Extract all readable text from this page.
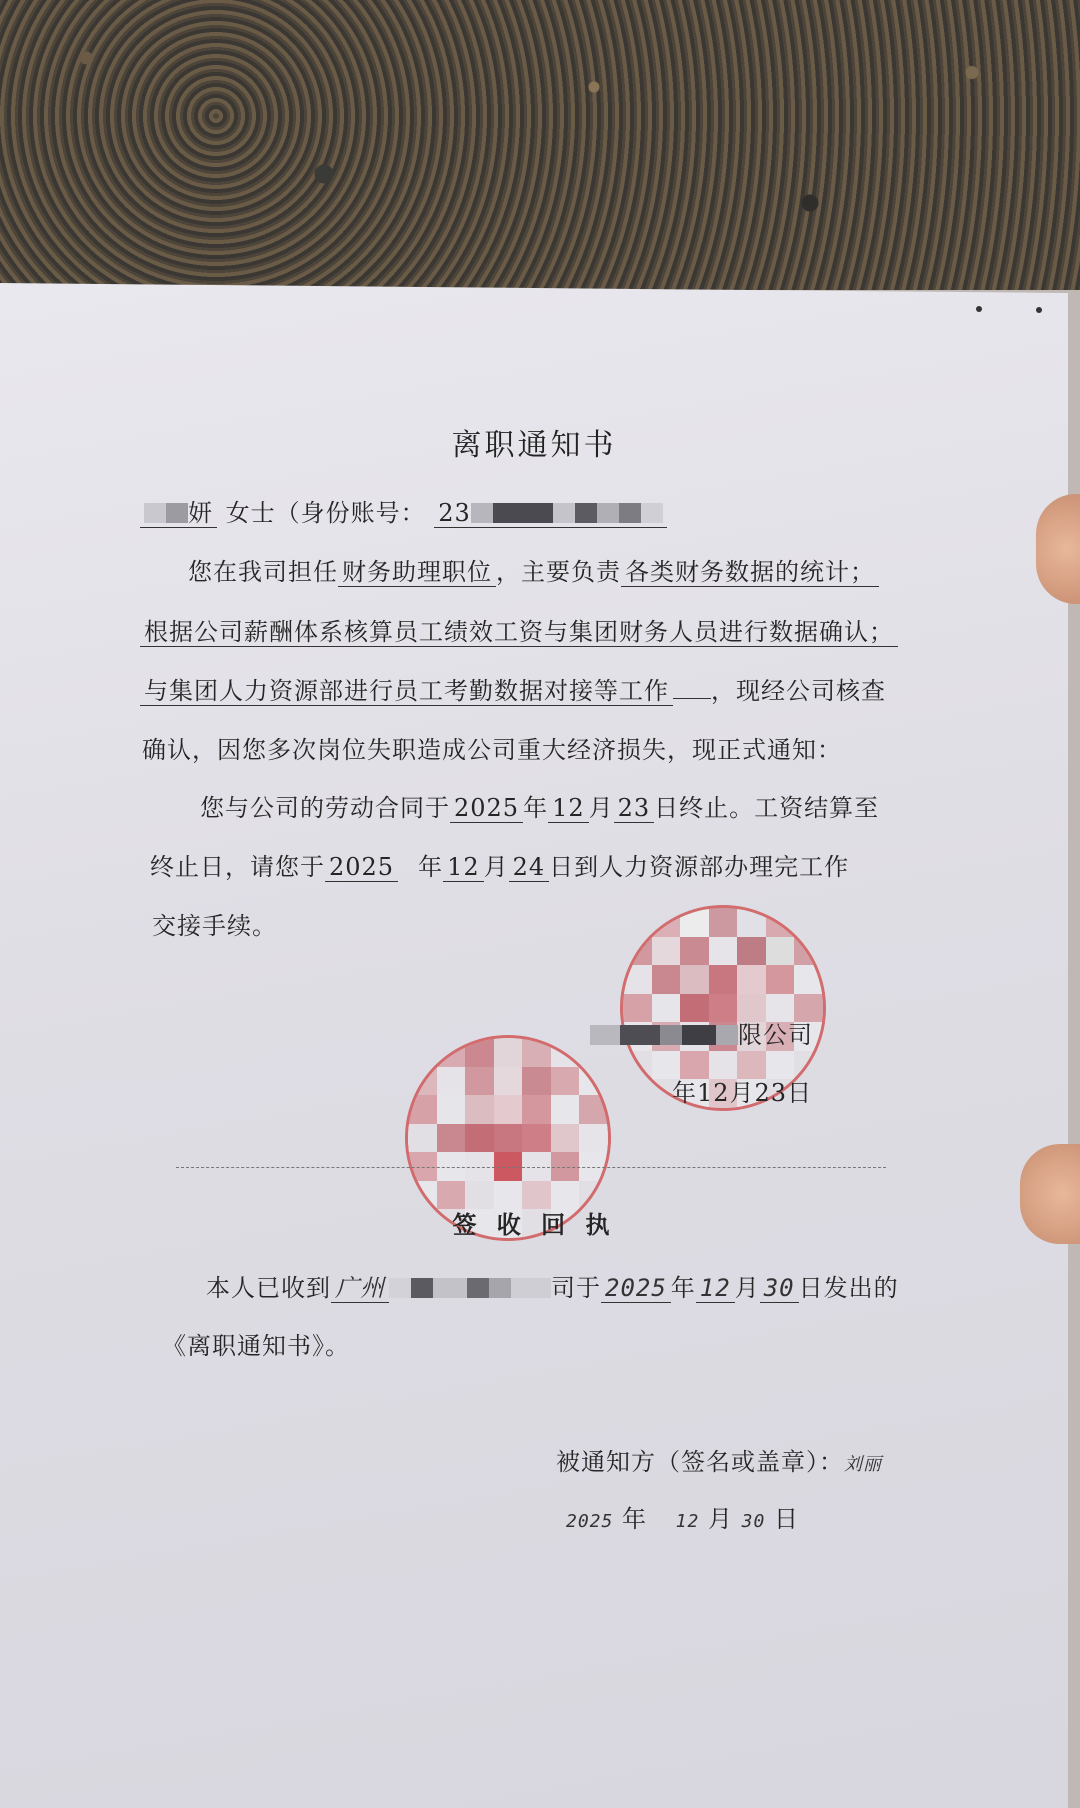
离职通知书
妍 女士（身份账号： 23
您在我司担任 财务助理职位 ，主要负责 各类财务数据的统计；
根据公司薪酬体系核算员工绩效工资与集团财务人员进行数据确认；
与集团人力资源部进行员工考勤数据对接等工作 ，现经公司核查
确认，因您多次岗位失职造成公司重大经济损失，现正式通知：
您与公司的劳动合同于 2025 年 12 月 23 日终止。工资结算至
终止日，请您于 2025 年 12 月 24 日到人力资源部办理完工作
交接手续。
限公司
年12月23日
签 收 回 执
本人已收到 广州	司于 2025 年 12 月 30 日发出的
《离职通知书》。
被通知方（签名或盖章）：刘丽
2025 年 12 月 30 日
